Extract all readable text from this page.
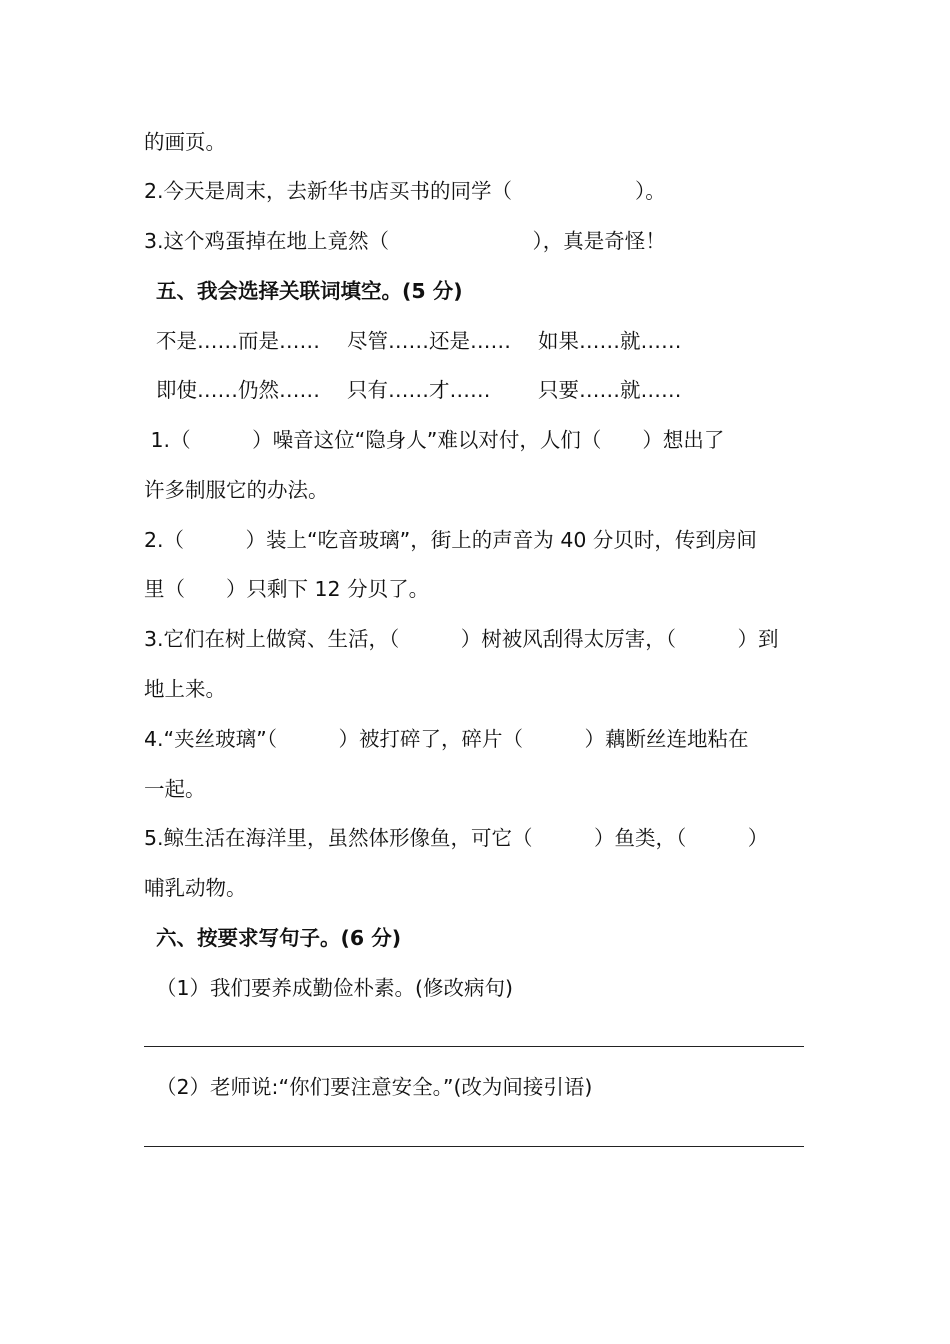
的画页。
2.今天是周末，去新华书店买书的同学（　　　　　　）。
3.这个鸡蛋掉在地上竟然（　　　　　　　），真是奇怪！
五、我会选择关联词填空。(5 分)
不是……而是……　 尽管……还是……　 如果……就……
即使……仍然……　 只有……才……　　 只要……就……
1.（　　　）噪音这位“隐身人”难以对付，人们（　　）想出了
许多制服它的办法。
2.（　　　）装上“吃音玻璃”，街上的声音为 40 分贝时，传到房间
里（　　）只剩下 12 分贝了。
3.它们在树上做窝、生活，（　　　）树被风刮得太厉害，（　　　）到
地上来。
4.“夹丝玻璃”（　　　）被打碎了，碎片（　　　）藕断丝连地粘在
一起。
5.鲸生活在海洋里，虽然体形像鱼，可它（　　　）鱼类，（　　　）
哺乳动物。
六、按要求写句子。(6 分)
（1）我们要养成勤俭朴素。(修改病句)
（2）老师说:“你们要注意安全。”(改为间接引语)
